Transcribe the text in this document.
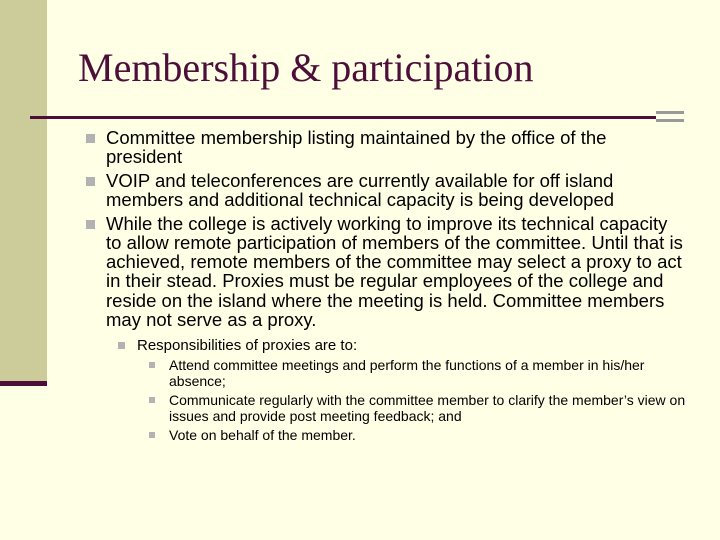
Membership & participation
Committee membership listing maintained by the office of the president
VOIP and teleconferences are currently available for off island members and additional technical capacity is being developed
While the college is actively working to improve its technical capacity to allow remote participation of members of the committee. Until that is achieved, remote members of the committee may select a proxy to act in their stead. Proxies must be regular employees of the college and reside on the island where the meeting is held. Committee members may not serve as a proxy.
Responsibilities of proxies are to:
Attend committee meetings and perform the functions of a member in his/her absence;
Communicate regularly with the committee member to clarify the member’s view on issues and provide post meeting feedback; and
Vote on behalf of the member.
